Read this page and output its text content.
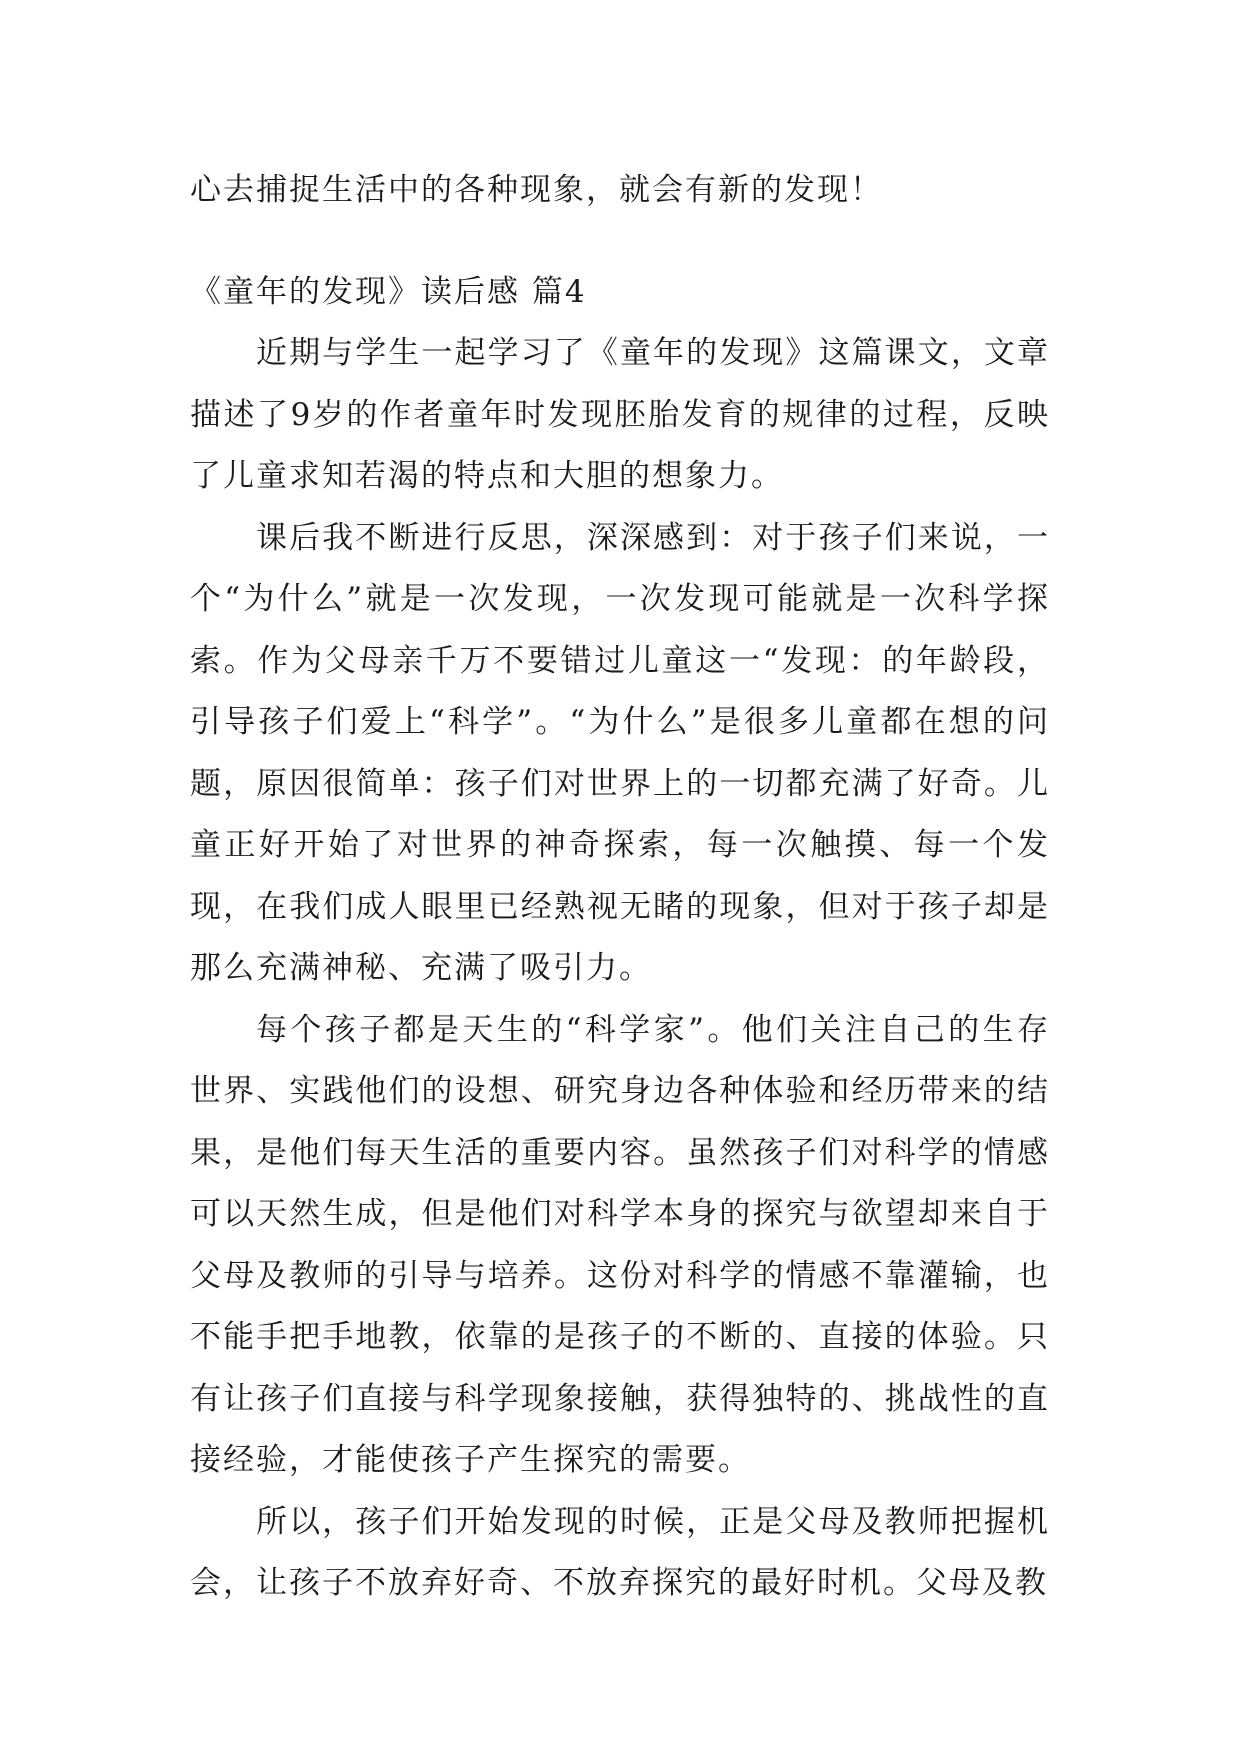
心去捕捉生活中的各种现象，就会有新的发现！

《童年的发现》读后感 篇4

近期与学生一起学习了《童年的发现》这篇课文，文章描述了9岁的作者童年时发现胚胎发育的规律的过程，反映了儿童求知若渴的特点和大胆的想象力。

课后我不断进行反思，深深感到：对于孩子们来说，一个“为什么”就是一次发现，一次发现可能就是一次科学探索。作为父母亲千万不要错过儿童这一“发现：的年龄段，引导孩子们爱上“科学”。“为什么”是很多儿童都在想的问题，原因很简单：孩子们对世界上的一切都充满了好奇。儿童正好开始了对世界的神奇探索，每一次触摸、每一个发现，在我们成人眼里已经熟视无睹的现象，但对于孩子却是那么充满神秘、充满了吸引力。

每个孩子都是天生的“科学家”。他们关注自己的生存世界、实践他们的设想、研究身边各种体验和经历带来的结果，是他们每天生活的重要内容。虽然孩子们对科学的情感可以天然生成，但是他们对科学本身的探究与欲望却来自于父母及教师的引导与培养。这份对科学的情感不靠灌输，也不能手把手地教，依靠的是孩子的不断的、直接的体验。只有让孩子们直接与科学现象接触，获得独特的、挑战性的直接经验，才能使孩子产生探究的需要。

所以，孩子们开始发现的时候，正是父母及教师把握机会，让孩子不放弃好奇、不放弃探究的最好时机。父母及教
